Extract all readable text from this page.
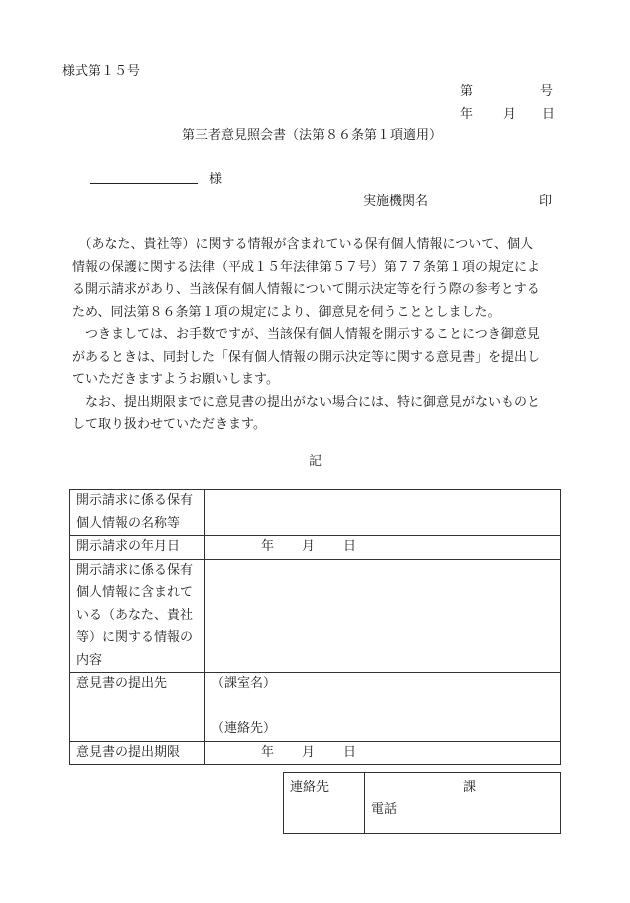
様式第１５号
第	号
年 月 日
第三者意見照会書（法第８６条第１項適用）
様
実施機関名	印

　（あなた、貴社等）に関する情報が含まれている保有個人情報について、個人

情報の保護に関する法律（平成１５年法律第５７号）第７７条第１項の規定によ

る開示請求があり、当該保有個人情報について開示決定等を行う際の参考とする

ため、同法第８６条第１項の規定により、御意見を伺うこととしました。

　つきましては、お手数ですが、当該保有個人情報を開示することにつき御意見

があるときは、同封した「保有個人情報の開示決定等に関する意見書」を提出し

ていただきますようお願いします。

　なお、提出期限までに意見書の提出がない場合には、特に御意見がないものと

して取り扱わせていただきます。

記
開示請求に係る保有
個人情報の名称等	

開示請求の年月日	年 月 日

開示請求に係る保有
個人情報に含まれて
いる（あなた、貴社
等）に関する情報の
内容	

意見書の提出先	（課室名）

（連絡先）

意見書の提出期限	年 月 日
連絡先	課
電話
